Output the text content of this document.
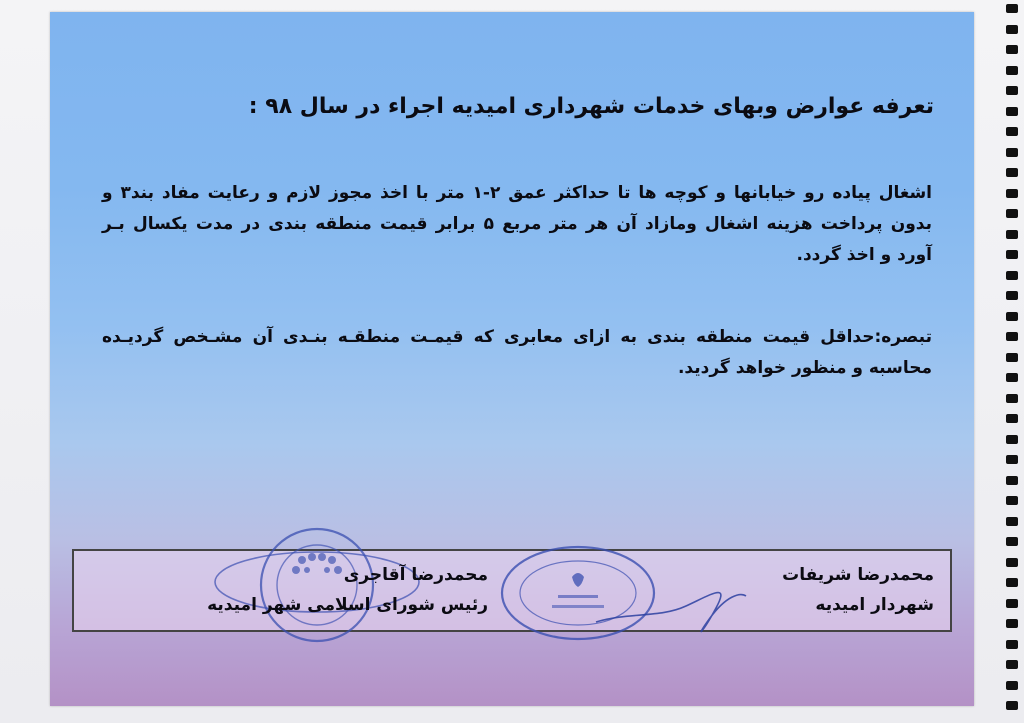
تعرفه عوارض وبهای خدمات شهرداری امیدیه اجراء در سال ۹۸ :
اشغال پیاده رو خیابانها و کوچه ها تا حداکثر عمق ۲-۱ متر با اخذ مجوز لازم و رعایت مفاد بند۳ و بدون پرداخت هزینه اشغال ومازاد آن هر متر مربع ۵ برابر قیمت منطقه بندی در مدت یکسال بـر آورد و اخذ گردد.
تبصره:حداقل قیمت منطقه بندی به ازای معابری که قیمـت منطقـه بنـدی آن مشـخص گردیـده محاسبه و منظور خواهد گردید.
محمدرضا شریفات
شهردار امیدیه
محمدرضا آقاجری
رئیس شورای اسلامی شهر امیدیه
